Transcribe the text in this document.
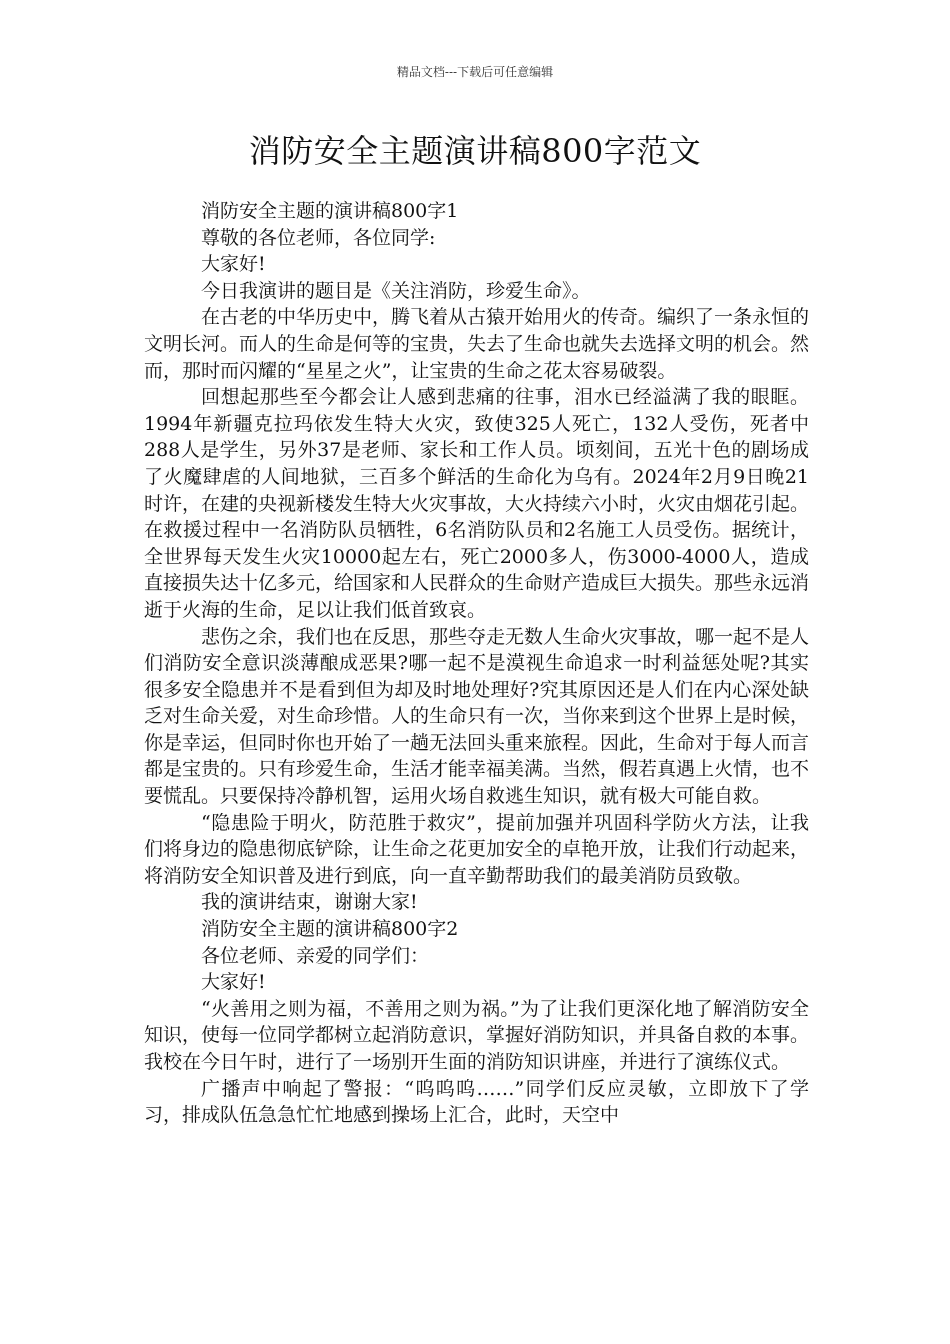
精品文档---下载后可任意编辑
消防安全主题演讲稿800字范文

消防安全主题的演讲稿800字1

尊敬的各位老师，各位同学:

大家好!

今日我演讲的题目是《关注消防，珍爱生命》。

在古老的中华历史中，腾飞着从古猿开始用火的传奇。编织了一条永恒的文明长河。而人的生命是何等的宝贵，失去了生命也就失去选择文明的机会。然而，那时而闪耀的“星星之火”，让宝贵的生命之花太容易破裂。

回想起那些至今都会让人感到悲痛的往事，泪水已经溢满了我的眼眶。1994年新疆克拉玛依发生特大火灾，致使325人死亡，132人受伤，死者中288人是学生，另外37是老师、家长和工作人员。顷刻间，五光十色的剧场成了火魔肆虐的人间地狱，三百多个鲜活的生命化为乌有。2024年2月9日晚21时许，在建的央视新楼发生特大火灾事故，大火持续六小时，火灾由烟花引起。在救援过程中一名消防队员牺牲，6名消防队员和2名施工人员受伤。据统计，全世界每天发生火灾10000起左右，死亡2000多人，伤3000-4000人，造成直接损失达十亿多元，给国家和人民群众的生命财产造成巨大损失。那些永远消逝于火海的生命，足以让我们低首致哀。

悲伤之余，我们也在反思，那些夺走无数人生命火灾事故，哪一起不是人们消防安全意识淡薄酿成恶果?哪一起不是漠视生命追求一时利益惩处呢?其实很多安全隐患并不是看到但为却及时地处理好?究其原因还是人们在内心深处缺乏对生命关爱，对生命珍惜。人的生命只有一次，当你来到这个世界上是时候，你是幸运，但同时你也开始了一趟无法回头重来旅程。因此，生命对于每人而言都是宝贵的。只有珍爱生命，生活才能幸福美满。当然，假若真遇上火情，也不要慌乱。只要保持冷静机智，运用火场自救逃生知识，就有极大可能自救。

“隐患险于明火，防范胜于救灾”，提前加强并巩固科学防火方法，让我们将身边的隐患彻底铲除，让生命之花更加安全的卓艳开放，让我们行动起来，将消防安全知识普及进行到底，向一直辛勤帮助我们的最美消防员致敬。

我的演讲结束，谢谢大家!

消防安全主题的演讲稿800字2

各位老师、亲爱的同学们：

大家好!

“火善用之则为福，不善用之则为祸。”为了让我们更深化地了解消防安全知识，使每一位同学都树立起消防意识，掌握好消防知识，并具备自救的本事。我校在今日午时，进行了一场别开生面的消防知识讲座，并进行了演练仪式。

广播声中响起了警报：“呜呜呜……”同学们反应灵敏，立即放下了学习，排成队伍急急忙忙地感到操场上汇合，此时，天空中
